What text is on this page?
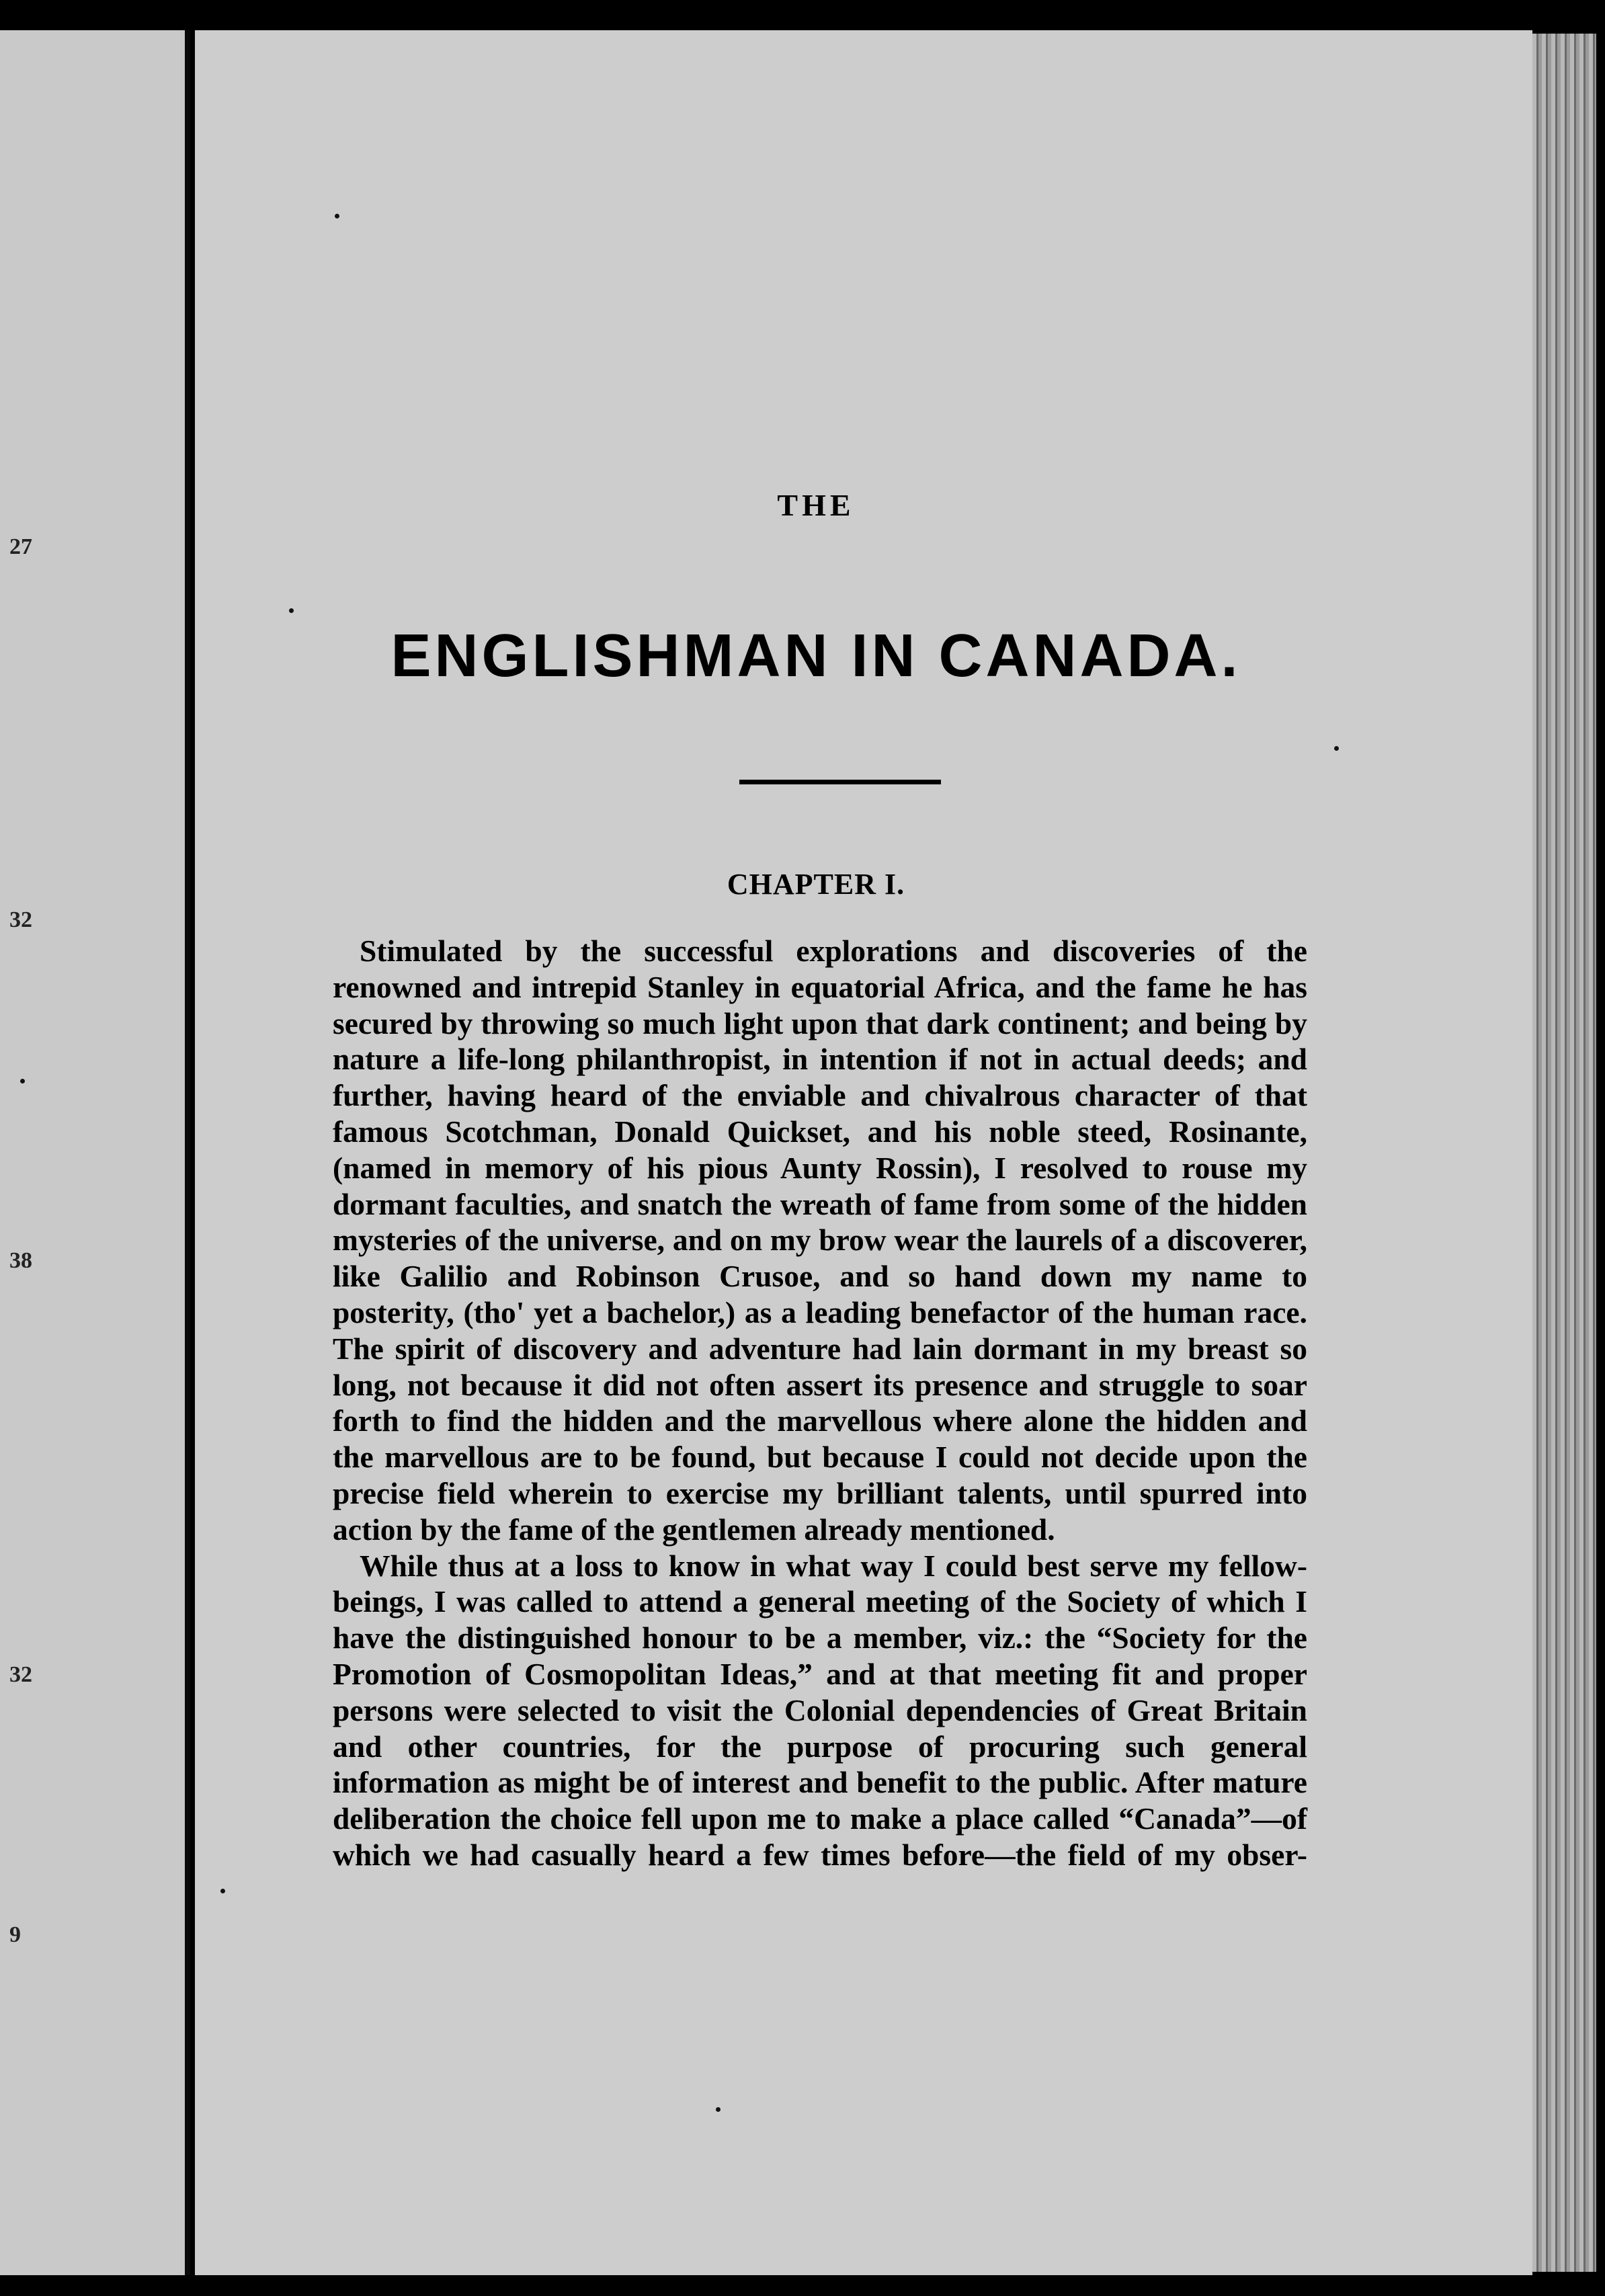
27
32
38
32
9
THE
ENGLISHMAN IN CANADA.
CHAPTER I.

Stimulated by the successful explorations and discoveries of the renowned and intrepid Stanley in equatorial Africa, and the fame he has secured by throwing so much light upon that dark continent; and being by nature a life-long philanthropist, in intention if not in actual deeds; and further, having heard of the enviable and chivalrous character of that famous Scotchman, Donald Quickset, and his noble steed, Rosinante, (named in memory of his pious Aunty Rossin), I resolved to rouse my dormant faculties, and snatch the wreath of fame from some of the hidden mysteries of the universe, and on my brow wear the laurels of a discoverer, like Galilio and Robinson Crusoe, and so hand down my name to posterity, (tho' yet a bachelor,) as a leading benefactor of the human race. The spirit of discovery and adventure had lain dormant in my breast so long, not because it did not often assert its presence and struggle to soar forth to find the hidden and the marvellous where alone the hidden and the marvellous are to be found, but because I could not decide upon the precise field wherein to exercise my brilliant talents, until spurred into action by the fame of the gentlemen already mentioned.

While thus at a loss to know in what way I could best serve my fellow-beings, I was called to attend a general meeting of the Society of which I have the distinguished honour to be a member, viz.: the “Society for the Promotion of Cosmopolitan Ideas,” and at that meeting fit and proper persons were selected to visit the Colonial dependencies of Great Britain and other countries, for the purpose of procuring such general information as might be of interest and benefit to the public. After mature deliberation the choice fell upon me to make a place called “Canada”—of which we had casually heard a few times before—the field of my obser-
